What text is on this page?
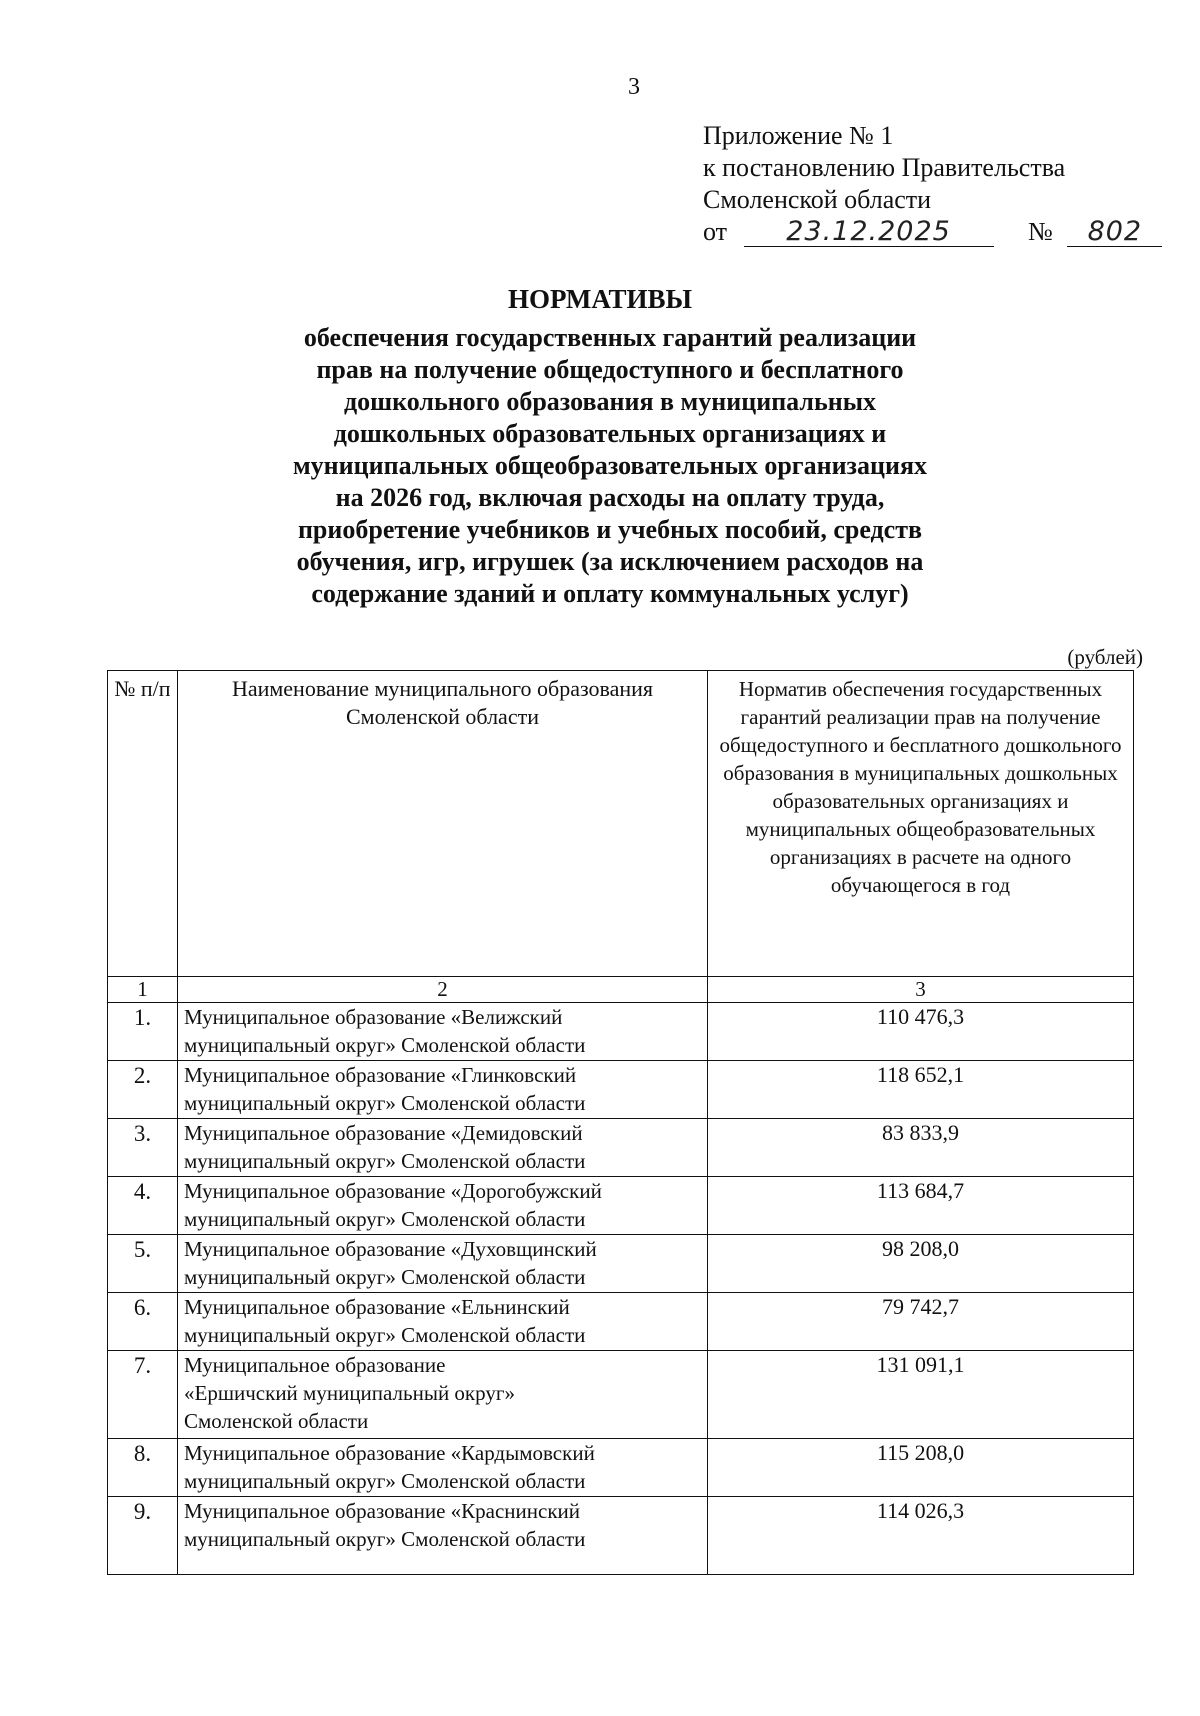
3
Приложение № 1
к постановлению Правительства
Смоленской области
от 23.12.2025	№ 802
НОРМАТИВЫ
обеспечения государственных гарантий реализации
прав на получение общедоступного и бесплатного
дошкольного образования в муниципальных
дошкольных образовательных организациях и
муниципальных общеобразовательных организациях
на 2026 год, включая расходы на оплату труда,
приобретение учебников и учебных пособий, средств
обучения, игр, игрушек (за исключением расходов на
содержание зданий и оплату коммунальных услуг)
(рублей)
№ п/п	Наименование муниципального образования Смоленской области	Норматив обеспечения государственных гарантий реализации прав на получение общедоступного и бесплатного дошкольного образования в муниципальных дошкольных образовательных организациях и муниципальных общеобразовательных организациях в расчете на одного обучающегося в год
1	2	3
1.	Муниципальное образование «Велижский муниципальный округ» Смоленской области	110 476,3
2.	Муниципальное образование «Глинковский муниципальный округ» Смоленской области	118 652,1
3.	Муниципальное образование «Демидовский муниципальный округ» Смоленской области	83 833,9
4.	Муниципальное образование «Дорогобужский муниципальный округ» Смоленской области	113 684,7
5.	Муниципальное образование «Духовщинский муниципальный округ» Смоленской области	98 208,0
6.	Муниципальное образование «Ельнинский муниципальный округ» Смоленской области	79 742,7
7.	Муниципальное образование «Ершичский муниципальный округ» Смоленской области	131 091,1
8.	Муниципальное образование «Кардымовский муниципальный округ» Смоленской области	115 208,0
9.	Муниципальное образование «Краснинский муниципальный округ» Смоленской области	114 026,3
